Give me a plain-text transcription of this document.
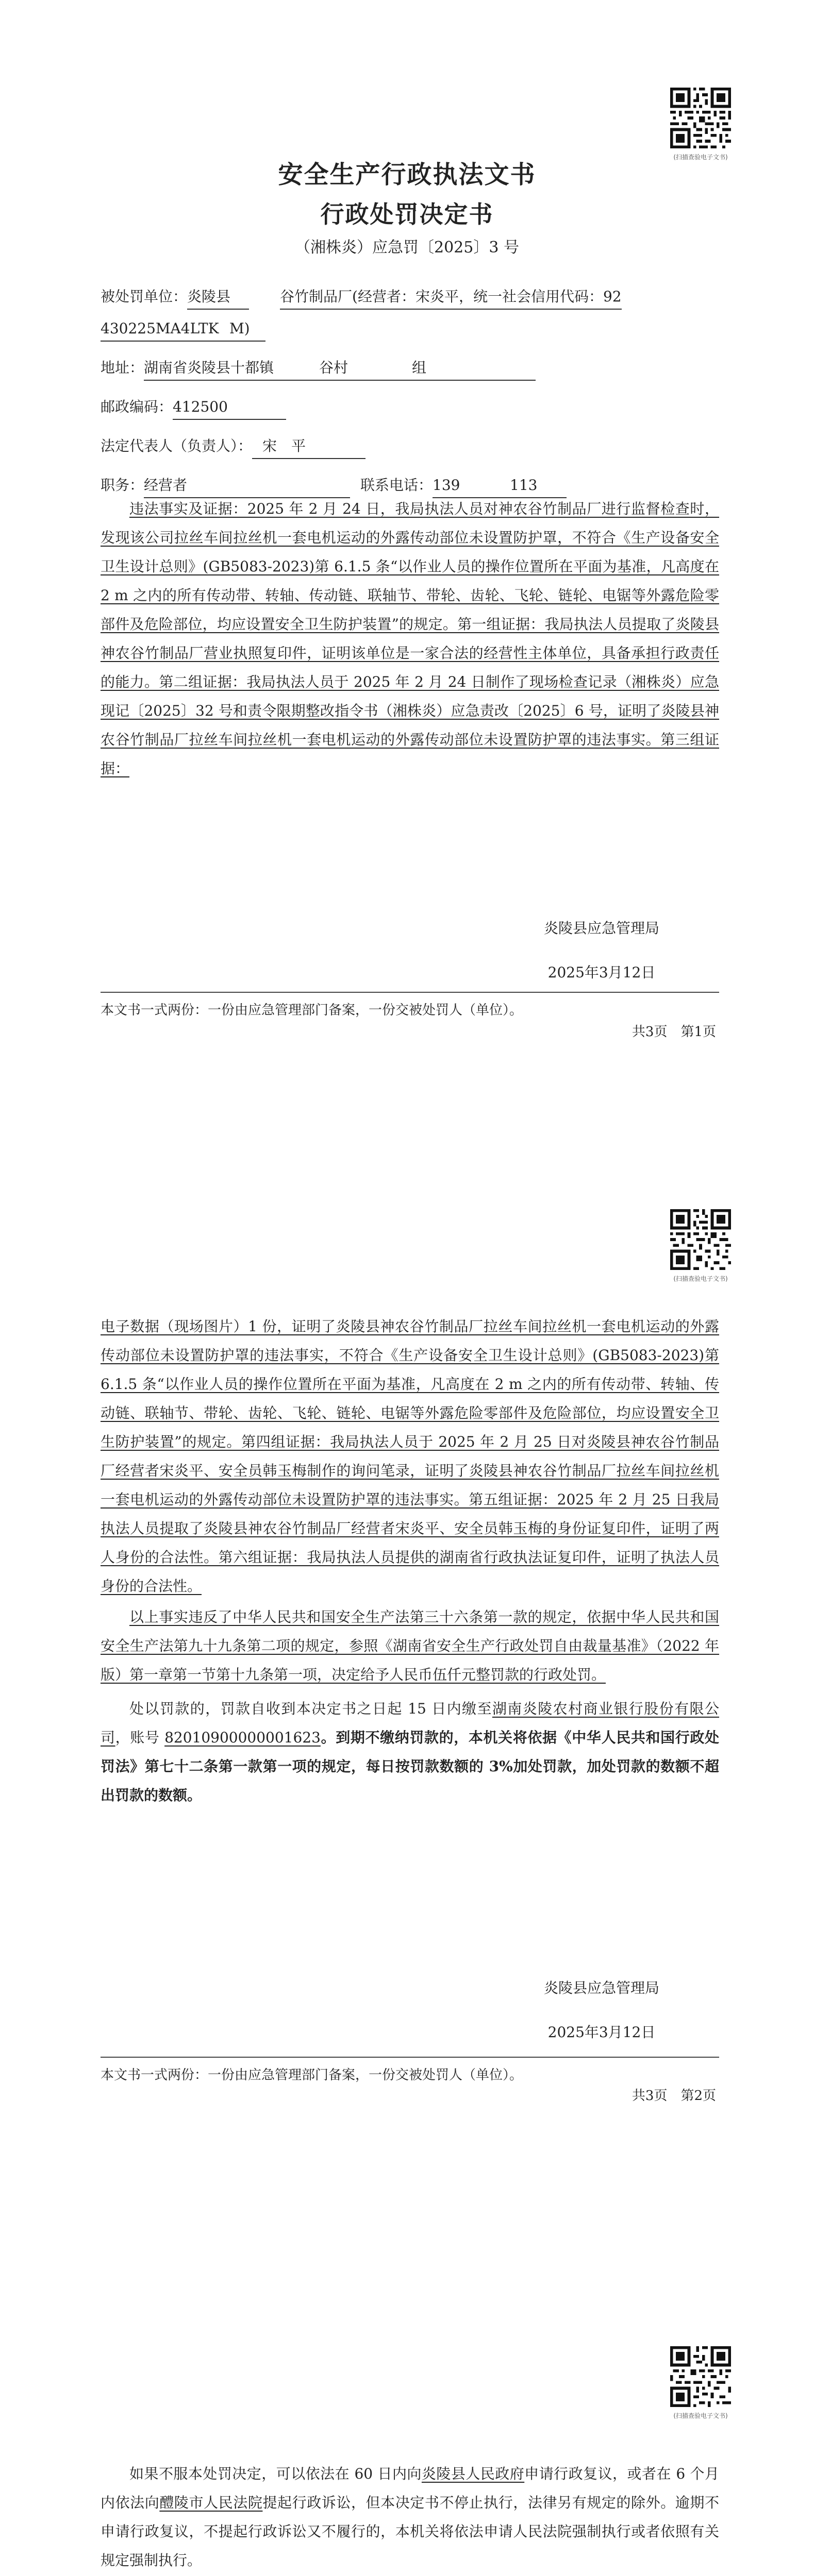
(扫描查验电子文书)
安全生产行政执法文书
行政处罚决定书
（湘株炎）应急罚〔2025〕3 号
被处罚单位：炎陵县	谷竹制品厂(经营者：宋炎平，统一社会信用代码：92
430225MA4LTK M)
地址：湖南省炎陵县十都镇	谷村	组
邮政编码：412500
法定代表人（负责人）： 宋　平
职务：经营者	联系电话：139	113

违法事实及证据：2025 年 2 月 24 日，我局执法人员对神农谷竹制品厂进行监督检查时，发现该公司拉丝车间拉丝机一套电机运动的外露传动部位未设置防护罩，不符合《生产设备安全卫生设计总则》(GB5083-2023)第 6.1.5 条“以作业人员的操作位置所在平面为基准，凡高度在 2 m 之内的所有传动带、转轴、传动链、联轴节、带轮、齿轮、飞轮、链轮、电锯等外露危险零部件及危险部位，均应设置安全卫生防护装置”的规定。第一组证据：我局执法人员提取了炎陵县神农谷竹制品厂营业执照复印件，证明该单位是一家合法的经营性主体单位，具备承担行政责任的能力。第二组证据：我局执法人员于 2025 年 2 月 24 日制作了现场检查记录（湘株炎）应急现记〔2025〕32 号和责令限期整改指令书（湘株炎）应急责改〔2025〕6 号，证明了炎陵县神农谷竹制品厂拉丝车间拉丝机一套电机运动的外露传动部位未设置防护罩的违法事实。第三组证据：

炎陵县应急管理局
2025年3月12日
本文书一式两份：一份由应急管理部门备案，一份交被处罚人（单位）。
共3页　第1页
(扫描查验电子文书)

电子数据（现场图片）1 份，证明了炎陵县神农谷竹制品厂拉丝车间拉丝机一套电机运动的外露传动部位未设置防护罩的违法事实，不符合《生产设备安全卫生设计总则》(GB5083-2023)第 6.1.5 条“以作业人员的操作位置所在平面为基准，凡高度在 2 m 之内的所有传动带、转轴、传动链、联轴节、带轮、齿轮、飞轮、链轮、电锯等外露危险零部件及危险部位，均应设置安全卫生防护装置”的规定。第四组证据：我局执法人员于 2025 年 2 月 25 日对炎陵县神农谷竹制品厂经营者宋炎平、安全员韩玉梅制作的询问笔录，证明了炎陵县神农谷竹制品厂拉丝车间拉丝机一套电机运动的外露传动部位未设置防护罩的违法事实。第五组证据：2025 年 2 月 25 日我局执法人员提取了炎陵县神农谷竹制品厂经营者宋炎平、安全员韩玉梅的身份证复印件，证明了两人身份的合法性。第六组证据：我局执法人员提供的湖南省行政执法证复印件，证明了执法人员身份的合法性。

以上事实违反了中华人民共和国安全生产法第三十六条第一款的规定，依据中华人民共和国安全生产法第九十九条第二项的规定，参照《湖南省安全生产行政处罚自由裁量基准》（2022 年版）第一章第一节第十九条第一项，决定给予人民币伍仟元整罚款的行政处罚。

处以罚款的，罚款自收到本决定书之日起 15 日内缴至湖南炎陵农村商业银行股份有限公司，账号 82010900000001623。到期不缴纳罚款的，本机关将依据《中华人民共和国行政处罚法》第七十二条第一款第一项的规定，每日按罚款数额的 3%加处罚款，加处罚款的数额不超出罚款的数额。

炎陵县应急管理局
2025年3月12日
本文书一式两份：一份由应急管理部门备案，一份交被处罚人（单位）。
共3页　第2页
(扫描查验电子文书)

如果不服本处罚决定，可以依法在 60 日内向炎陵县人民政府申请行政复议，或者在 6 个月内依法向醴陵市人民法院提起行政诉讼，但本决定书不停止执行，法律另有规定的除外。逾期不申请行政复议，不提起行政诉讼又不履行的，本机关将依法申请人民法院强制执行或者依照有关规定强制执行。
